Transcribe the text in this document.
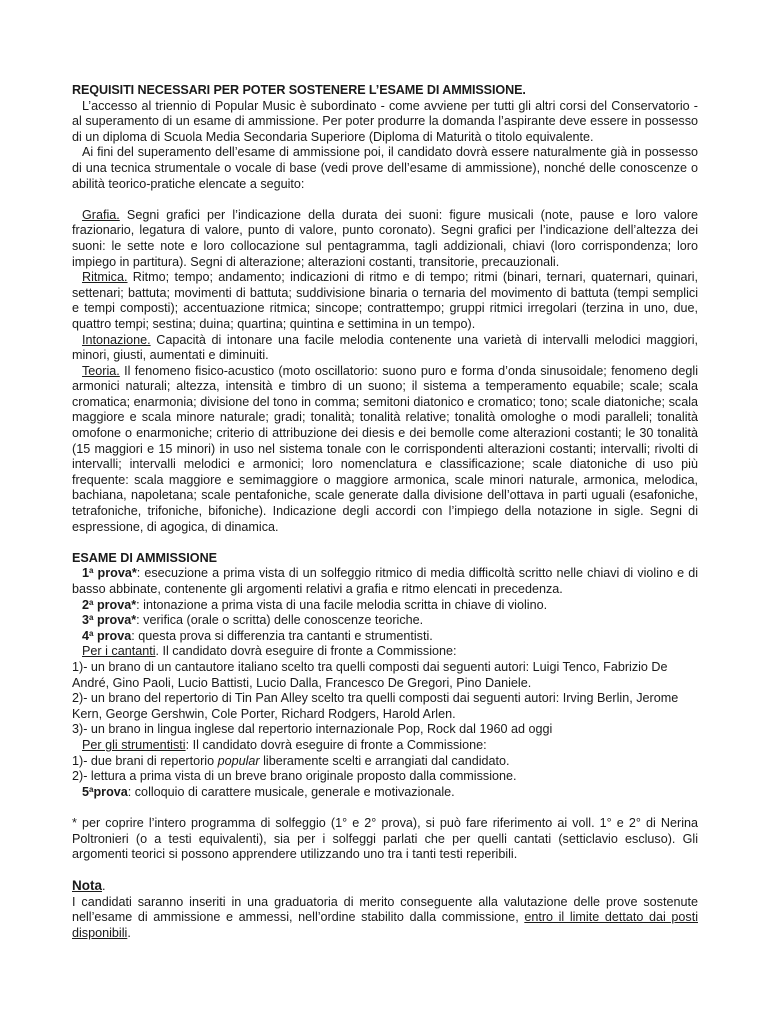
REQUISITI NECESSARI PER POTER SOSTENERE L’ESAME DI AMMISSIONE.

L’accesso al triennio di Popular Music è subordinato - come avviene per tutti gli altri corsi del Conservatorio - al superamento di un esame di ammissione. Per poter produrre la domanda l’aspirante deve essere in possesso di un diploma di Scuola Media Secondaria Superiore (Diploma di Maturità o titolo equivalente.

Ai fini del superamento dell’esame di ammissione poi, il candidato dovrà essere naturalmente già in possesso di una tecnica strumentale o vocale di base (vedi prove dell’esame di ammissione), nonché delle conoscenze o abilità teorico-pratiche elencate a seguito:

Grafia. Segni grafici per l’indicazione della durata dei suoni: figure musicali (note, pause e loro valore frazionario, legatura di valore, punto di valore, punto coronato). Segni grafici per l’indicazione dell’altezza dei suoni: le sette note e loro collocazione sul pentagramma, tagli addizionali, chiavi (loro corrispondenza; loro impiego in partitura). Segni di alterazione; alterazioni costanti, transitorie, precauzionali.

Ritmica. Ritmo; tempo; andamento; indicazioni di ritmo e di tempo; ritmi (binari, ternari, quaternari, quinari, settenari; battuta; movimenti di battuta; suddivisione binaria o ternaria del movimento di battuta (tempi semplici e tempi composti); accentuazione ritmica; sincope; contrattempo; gruppi ritmici irregolari (terzina in uno, due, quattro tempi; sestina; duina; quartina; quintina e settimina in un tempo).

Intonazione. Capacità di intonare una facile melodia contenente una varietà di intervalli melodici maggiori, minori, giusti, aumentati e diminuiti.

Teoria. Il fenomeno fisico-acustico (moto oscillatorio: suono puro e forma d’onda sinusoidale; fenomeno degli armonici naturali; altezza, intensità e timbro di un suono; il sistema a temperamento equabile; scale; scala cromatica; enarmonia; divisione del tono in comma; semitoni diatonico e cromatico; tono; scale diatoniche; scala maggiore e scala minore naturale; gradi; tonalità; tonalità relative; tonalità omologhe o modi paralleli; tonalità omofone o enarmoniche; criterio di attribuzione dei diesis e dei bemolle come alterazioni costanti; le 30 tonalità (15 maggiori e 15 minori) in uso nel sistema tonale con le corrispondenti alterazioni costanti; intervalli; rivolti di intervalli; intervalli melodici e armonici; loro nomenclatura e classificazione; scale diatoniche di uso più frequente: scala maggiore e semimaggiore o maggiore armonica, scale minori naturale, armonica, melodica, bachiana, napoletana; scale pentafoniche, scale generate dalla divisione dell’ottava in parti uguali (esafoniche, tetrafoniche, trifoniche, bifoniche). Indicazione degli accordi con l’impiego della notazione in sigle. Segni di espressione, di agogica, di dinamica.

ESAME DI AMMISSIONE

1$^a$ prova*: esecuzione a prima vista di un solfeggio ritmico di media difficoltà scritto nelle chiavi di violino e di basso abbinate, contenente gli argomenti relativi a grafia e ritmo elencati in precedenza.

2$^a$ prova*: intonazione a prima vista di una facile melodia scritta in chiave di violino.

3$^a$ prova*: verifica (orale o scritta) delle conoscenze teoriche.

4$^a$ prova: questa prova si differenzia tra cantanti e strumentisti.

Per i cantanti. Il candidato dovrà eseguire di fronte a Commissione:

1)- un brano di un cantautore italiano scelto tra quelli composti dai seguenti autori: Luigi Tenco, Fabrizio De André, Gino Paoli, Lucio Battisti, Lucio Dalla, Francesco De Gregori, Pino Daniele.

2)- un brano del repertorio di Tin Pan Alley scelto tra quelli composti dai seguenti autori: Irving Berlin, Jerome Kern, George Gershwin, Cole Porter, Richard Rodgers, Harold Arlen.

3)- un brano in lingua inglese dal repertorio internazionale Pop, Rock dal 1960 ad oggi

Per gli strumentisti: Il candidato dovrà eseguire di fronte a Commissione:

1)- due brani di repertorio popular liberamente scelti e arrangiati dal candidato.

2)- lettura a prima vista di un breve brano originale proposto dalla commissione.

5$^a$prova: colloquio di carattere musicale, generale e motivazionale.

* per coprire l’intero programma di solfeggio (1° e 2° prova), si può fare riferimento ai voll. 1° e 2° di Nerina Poltronieri (o a testi equivalenti), sia per i solfeggi parlati che per quelli cantati (setticlavio escluso). Gli argomenti teorici si possono apprendere utilizzando uno tra i tanti testi reperibili.

Nota.

I candidati saranno inseriti in una graduatoria di merito conseguente alla valutazione delle prove sostenute nell’esame di ammissione e ammessi, nell’ordine stabilito dalla commissione, entro il limite dettato dai posti disponibili.
